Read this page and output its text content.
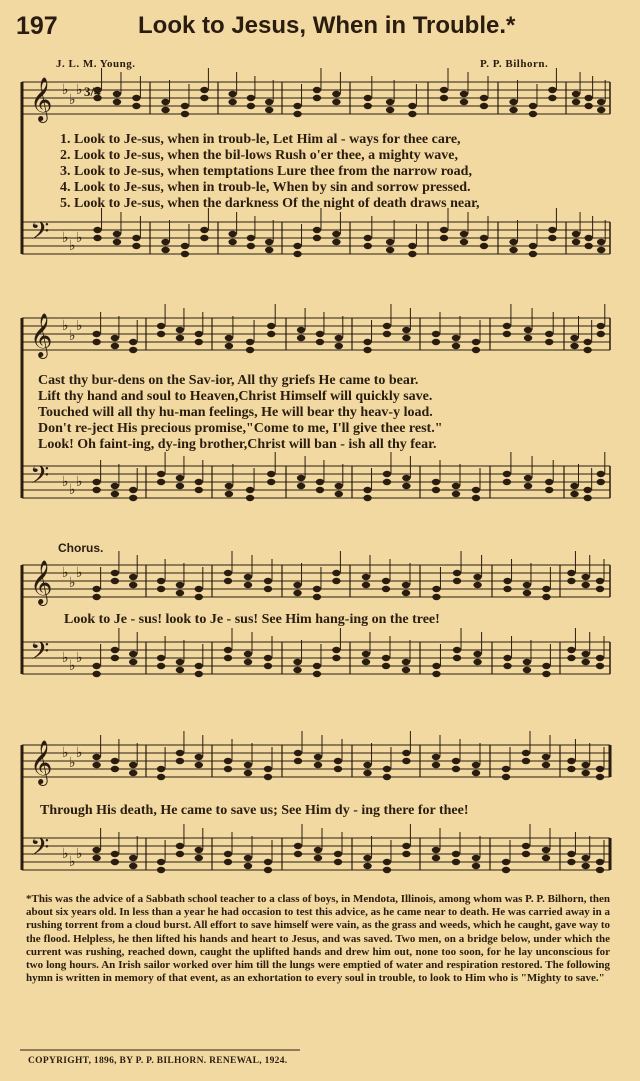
197	Look to Jesus, When in Trouble.*
J. L. M. Young.	P. P. Bilhorn.
𝄞 ♭
♭
♭
𝄢 ♭ ♭ ♭
3/4
𝄞 ♭
♭
♭
𝄢 ♭ ♭ ♭
𝄞 ♭
♭
♭
𝄢 ♭ ♭ ♭
𝄞 ♭
♭
♭
𝄢 ♭ ♭ ♭
1. Look to Je-sus, when in troub-le, Let Him al - ways for thee care,
2. Look to Je-sus, when the bil-lows Rush o'er thee, a mighty wave,
3. Look to Je-sus, when temptations Lure thee from the narrow road,
4. Look to Je-sus, when in troub-le, When by sin and sorrow pressed.
5. Look to Je-sus, when the darkness Of the night of death draws near,
Cast thy bur-dens on the Sav-ior, All thy griefs He came to bear.
Lift thy hand and soul to Heaven,Christ Himself will quickly save.
Touched will all thy hu-man feelings, He will bear thy heav-y load.
Don't re-ject His precious promise,"Come to me, I'll give thee rest."
Look! Oh faint-ing, dy-ing brother,Christ will ban - ish all thy fear.
Chorus.
Look to Je - sus! look to Je - sus! See Him hang-ing on the tree!
Through His death, He came to save us; See Him dy - ing there for thee!
*This was the advice of a Sabbath school teacher to a class of boys, in Mendota, Illinois, among whom was P. P. Bilhorn, then about six years old. In less than a year he had occasion to test this advice, as he came near to death. He was carried away in a rushing torrent from a cloud burst. All effort to save himself were vain, as the grass and weeds, which he caught, gave way to the flood. Helpless, he then lifted his hands and heart to Jesus, and was saved. Two men, on a bridge below, under which the current was rushing, reached down, caught the uplifted hands and drew him out, none too soon, for he lay unconscious for two long hours. An Irish sailor worked over him till the lungs were emptied of water and respiration restored. The following hymn is written in memory of that event, as an exhortation to every soul in trouble, to look to Him who is "Mighty to save."
COPYRIGHT, 1896, BY P. P. BILHORN. RENEWAL, 1924.
